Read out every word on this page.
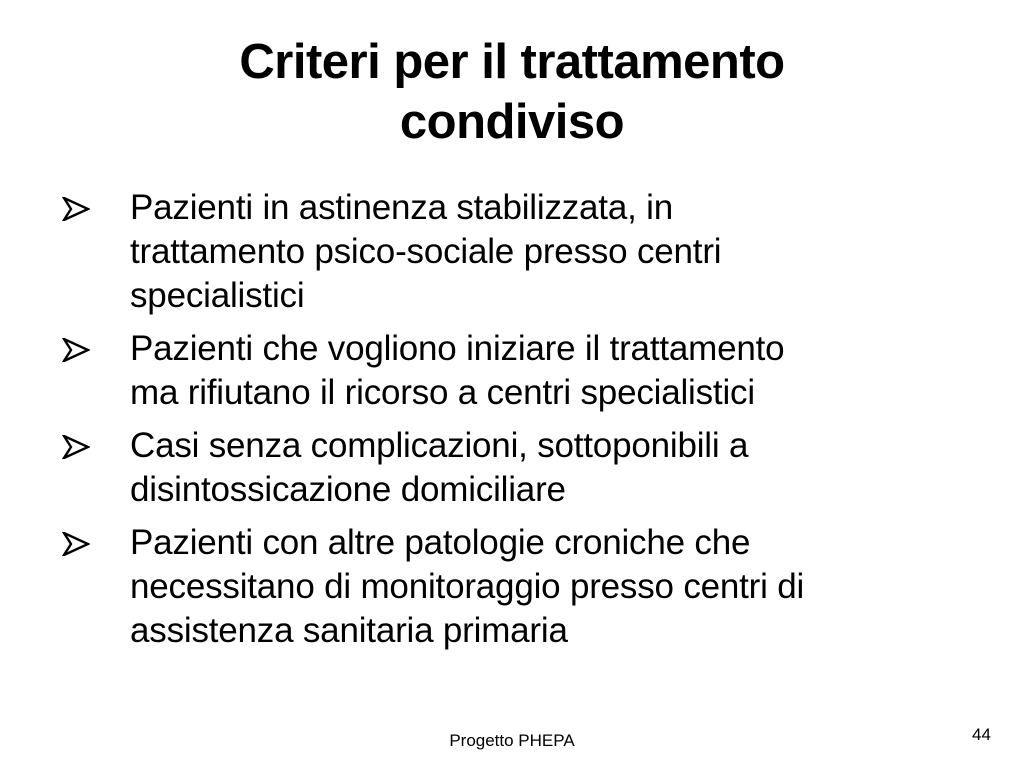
Criteri per il trattamento
condiviso
Pazienti in astinenza stabilizzata, in
trattamento psico-sociale presso centri
specialistici
Pazienti che vogliono iniziare il trattamento
ma rifiutano il ricorso a centri specialistici
Casi senza complicazioni, sottoponibili a
disintossicazione domiciliare
Pazienti con altre patologie croniche che
necessitano di monitoraggio presso centri di
assistenza sanitaria primaria
Progetto PHEPA	44
